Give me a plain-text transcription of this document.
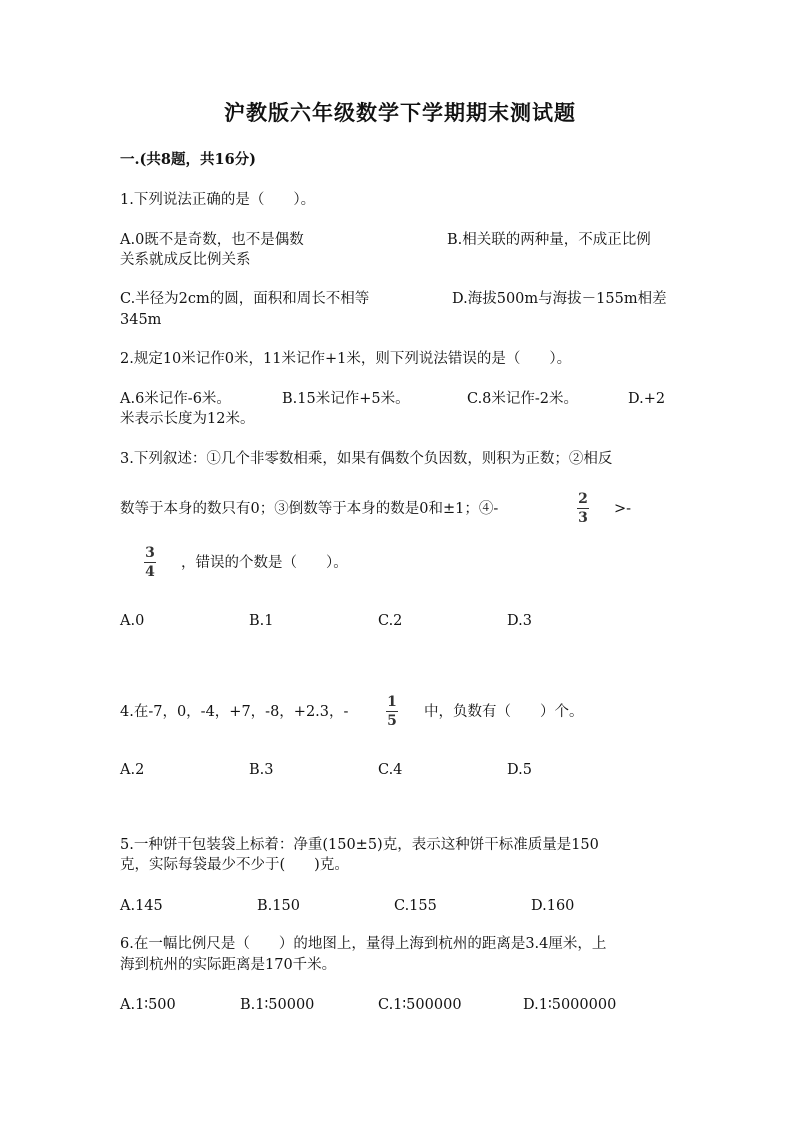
沪教版六年级数学下学期期末测试题
一.(共8题，共16分)
1.下列说法正确的是（　　）。
A.0既不是奇数，也不是偶数	B.相关联的两种量，不成正比例
关系就成反比例关系
C.半径为2cm的圆，面积和周长不相等	D.海拔500m与海拔－155m相差
345m
2.规定10米记作0米，11米记作+1米，则下列说法错误的是（　　）。
A.6米记作-6米。	B.15米记作+5米。	C.8米记作-2米。	D.+2
米表示长度为12米。
3.下列叙述：①几个非零数相乘，如果有偶数个负因数，则积为正数；②相反
数等于本身的数只有0；③倒数等于本身的数是0和±1；④-
2
3
>-
3
4
，错误的个数是（　　）。
A.0	B.1	C.2	D.3
4.在-7，0，-4，+7，-8，+2.3，-
1
5
中，负数有（　　）个。
A.2	B.3	C.4	D.5
5.一种饼干包装袋上标着：净重(150±5)克，表示这种饼干标准质量是150
克，实际每袋最少不少于(　　)克。
A.145	B.150	C.155	D.160
6.在一幅比例尺是（　　）的地图上，量得上海到杭州的距离是3.4厘米，上
海到杭州的实际距离是170千米。
A.1∶500	B.1∶50000	C.1∶500000	D.1∶5000000
